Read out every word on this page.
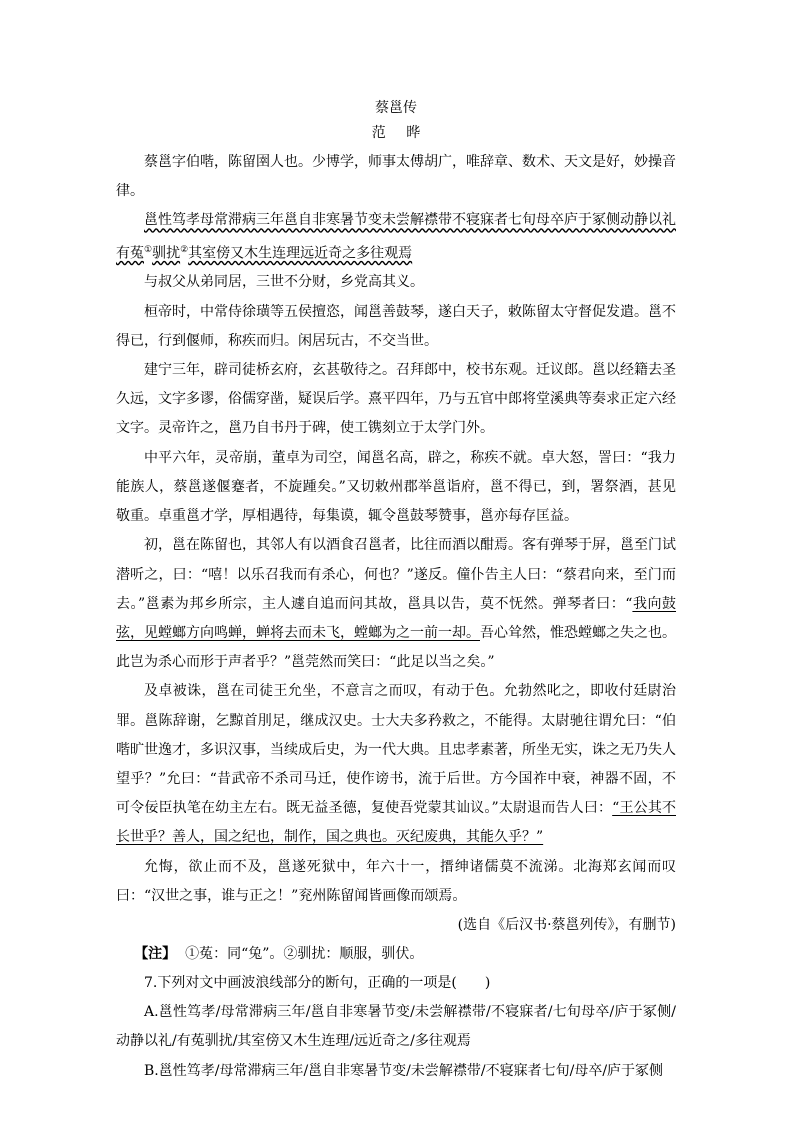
蔡邕传

范 晔

蔡邕字伯喈，陈留圉人也。少博学，师事太傅胡广，唯辞章、数术、天文是好，妙操音律。

邕性笃孝母常滞病三年邕自非寒暑节变未尝解襟带不寝寐者七旬母卒庐于冢侧动静以礼有菟①驯扰②其室傍又木生连理远近奇之多往观焉

与叔父从弟同居，三世不分财，乡党高其义。

桓帝时，中常侍徐璜等五侯擅恣，闻邕善鼓琴，遂白天子，敕陈留太守督促发遣。邕不得已，行到偃师，称疾而归。闲居玩古，不交当世。

建宁三年，辟司徒桥玄府，玄甚敬待之。召拜郎中，校书东观。迁议郎。邕以经籍去圣久远，文字多谬，俗儒穿凿，疑误后学。熹平四年，乃与五官中郎将堂溪典等奏求正定六经文字。灵帝许之，邕乃自书丹于碑，使工镌刻立于太学门外。

中平六年，灵帝崩，董卓为司空，闻邕名高，辟之，称疾不就。卓大怒，詈曰：“我力能族人，蔡邕遂偃蹇者，不旋踵矣。”又切敕州郡举邕诣府，邕不得已，到，署祭酒，甚见敬重。卓重邕才学，厚相遇待，每集谟，辄令邕鼓琴赞事，邕亦每存匡益。

初，邕在陈留也，其邻人有以酒食召邕者，比往而酒以酣焉。客有弹琴于屏，邕至门试潜听之，曰：“嘻！以乐召我而有杀心，何也？”遂反。僮仆告主人曰：“蔡君向来，至门而去。”邕素为邦乡所宗，主人遽自追而问其故，邕具以告，莫不怃然。弹琴者曰：“我向鼓弦，见螳螂方向鸣蝉，蝉将去而未飞，螳螂为之一前一却。吾心耸然，惟恐螳螂之失之也。此岂为杀心而形于声者乎？”邕莞然而笑曰：“此足以当之矣。”

及卓被诛，邕在司徒王允坐，不意言之而叹，有动于色。允勃然叱之，即收付廷尉治罪。邕陈辞谢，乞黥首刖足，继成汉史。士大夫多矜救之，不能得。太尉驰往谓允曰：“伯喈旷世逸才，多识汉事，当续成后史，为一代大典。且忠孝素著，所坐无实，诛之无乃失人望乎？”允曰：“昔武帝不杀司马迁，使作谤书，流于后世。方今国祚中衰，神器不固，不可令佞臣执笔在幼主左右。既无益圣德，复使吾党蒙其讪议。”太尉退而告人曰：“王公其不长世乎？善人，国之纪也，制作，国之典也。灭纪废典，其能久乎？”

允悔，欲止而不及，邕遂死狱中，年六十一，搢绅诸儒莫不流涕。北海郑玄闻而叹曰：“汉世之事，谁与正之！”兖州陈留闻皆画像而颂焉。

(选自《后汉书·蔡邕列传》，有删节)

【注】 ①菟：同“兔”。②驯扰：顺服，驯伏。

7.下列对文中画波浪线部分的断句，正确的一项是(　　)

A.邕性笃孝/母常滞病三年/邕自非寒暑节变/未尝解襟带/不寝寐者/七旬母卒/庐于冢侧/动静以礼/有菟驯扰/其室傍又木生连理/远近奇之/多往观焉

B.邕性笃孝/母常滞病三年/邕自非寒暑节变/未尝解襟带/不寝寐者七旬/母卒/庐于冢侧
